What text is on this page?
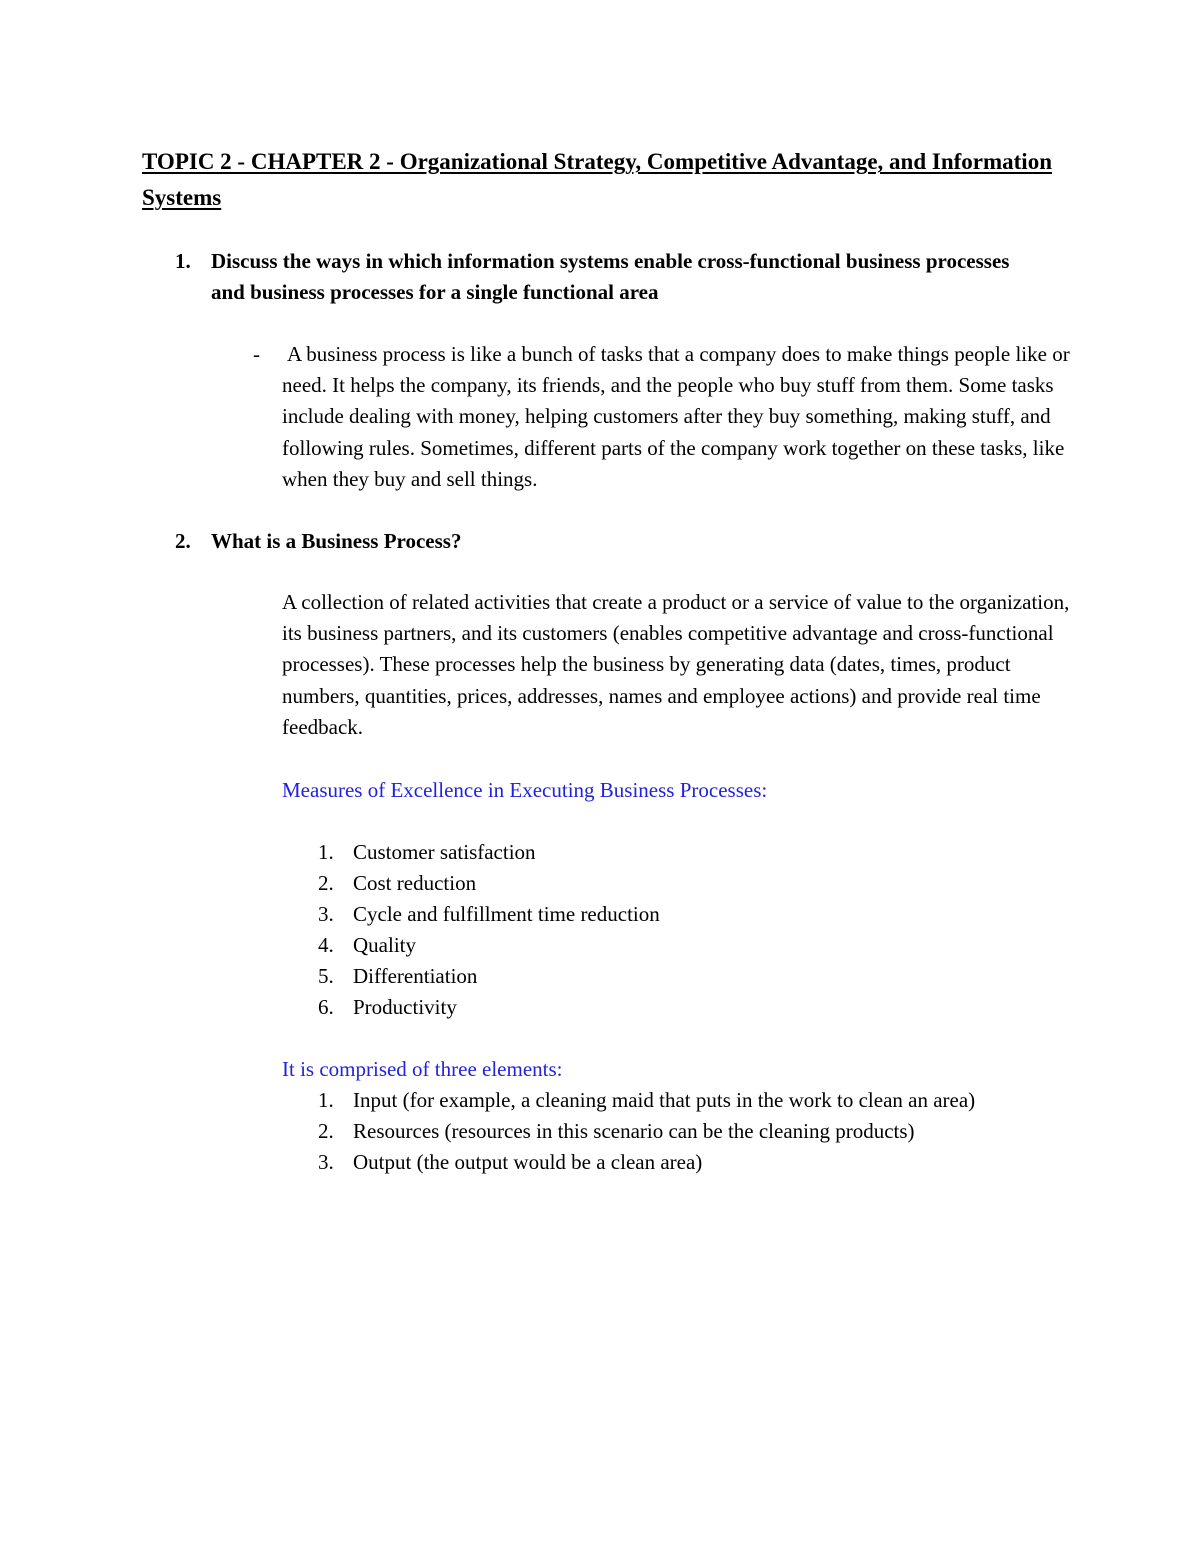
TOPIC 2 - CHAPTER 2 - Organizational Strategy, Competitive Advantage, and Information Systems
1. Discuss the ways in which information systems enable cross-functional business processes and business processes for a single functional area
- A business process is like a bunch of tasks that a company does to make things people like or need. It helps the company, its friends, and the people who buy stuff from them. Some tasks include dealing with money, helping customers after they buy something, making stuff, and following rules. Sometimes, different parts of the company work together on these tasks, like when they buy and sell things.

2. What is a Business Process?

A collection of related activities that create a product or a service of value to the organization, its business partners, and its customers (enables competitive advantage and cross-functional processes). These processes help the business by generating data (dates, times, product numbers, quantities, prices, addresses, names and employee actions) and provide real time feedback.

Measures of Excellence in Executing Business Processes:
1. Customer satisfaction
2. Cost reduction
3. Cycle and fulfillment time reduction
4. Quality
5. Differentiation
6. Productivity
It is comprised of three elements:
1. Input (for example, a cleaning maid that puts in the work to clean an area)
2. Resources (resources in this scenario can be the cleaning products)
3. Output (the output would be a clean area)
